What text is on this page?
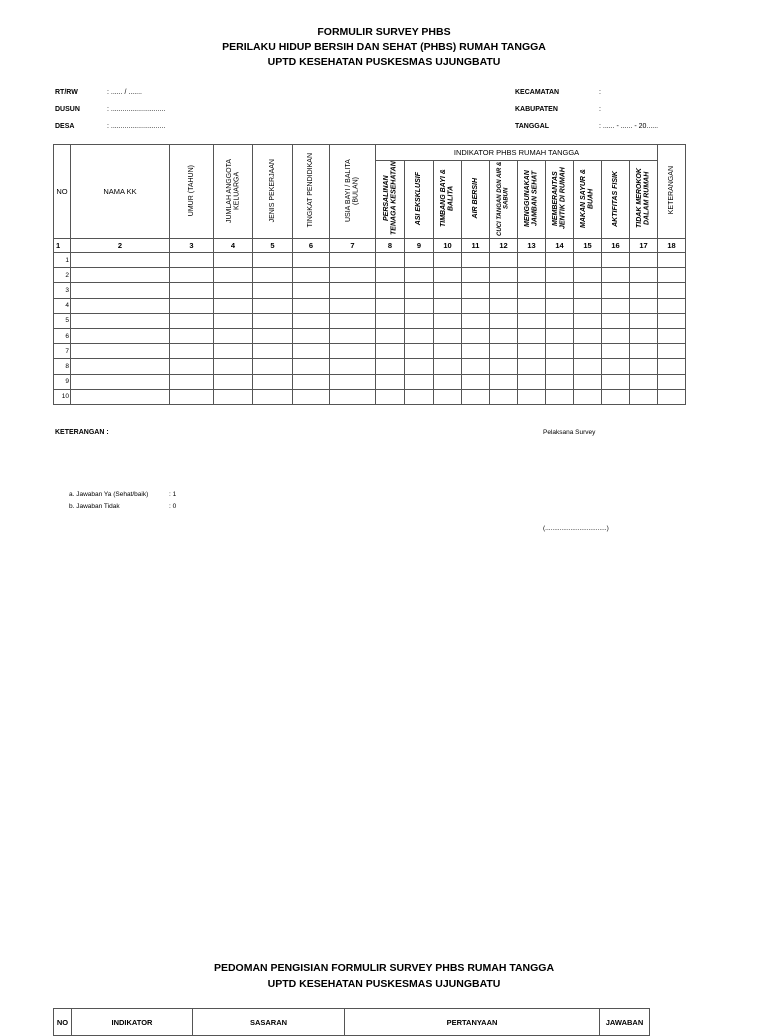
FORMULIR SURVEY PHBS
PERILAKU HIDUP BERSIH DAN SEHAT (PHBS) RUMAH TANGGA
UPTD KESEHATAN PUSKESMAS UJUNGBATU
RT/RW	: ...... / .......
DUSUN	: ............................
DESA	: ............................
KECAMATAN	:
KABUPATEN	:
TANGGAL	: ...... - ...... - 20......
NO	NAMA KK	UMUR (TAHUN)	JUMLAH ANGGOTA KELUARGA	JENIS PEKERJAAN	TINGKAT PENDIDIKAN	USIA BAYI / BALITA (BULAN)	INDIKATOR PHBS RUMAH TANGGA										KETERANGAN
							PERSALINAN TENAGA KESEHATAN	ASI EKSKLUSIF	TIMBANG BAYI & BALITA	AIR BERSIH	CUCI TANGAN DGN AIR & SABUN	MENGGUNAKAN JAMBAN SEHAT	MEMBERANTAS JENTIK DI RUMAH	MAKAN SAYUR & BUAH	AKTIFITAS FISIK	TIDAK MEROKOK DALAM RUMAH	
1	2	3	4	5	6	7	8	9	10	11	12	13	14	15	16	17	18
1																	
2																	
3																	
4																	
5																	
6																	
7																	
8																	
9																	
10																	
KETERANGAN :	Pelaksana Survey
a. Jawaban Ya (Sehat/baik)	: 1
b. Jawaban Tidak	: 0
(..................................)
PEDOMAN PENGISIAN FORMULIR SURVEY PHBS RUMAH TANGGA
UPTD KESEHATAN PUSKESMAS UJUNGBATU
NO	INDIKATOR	SASARAN	PERTANYAAN	JAWABAN
